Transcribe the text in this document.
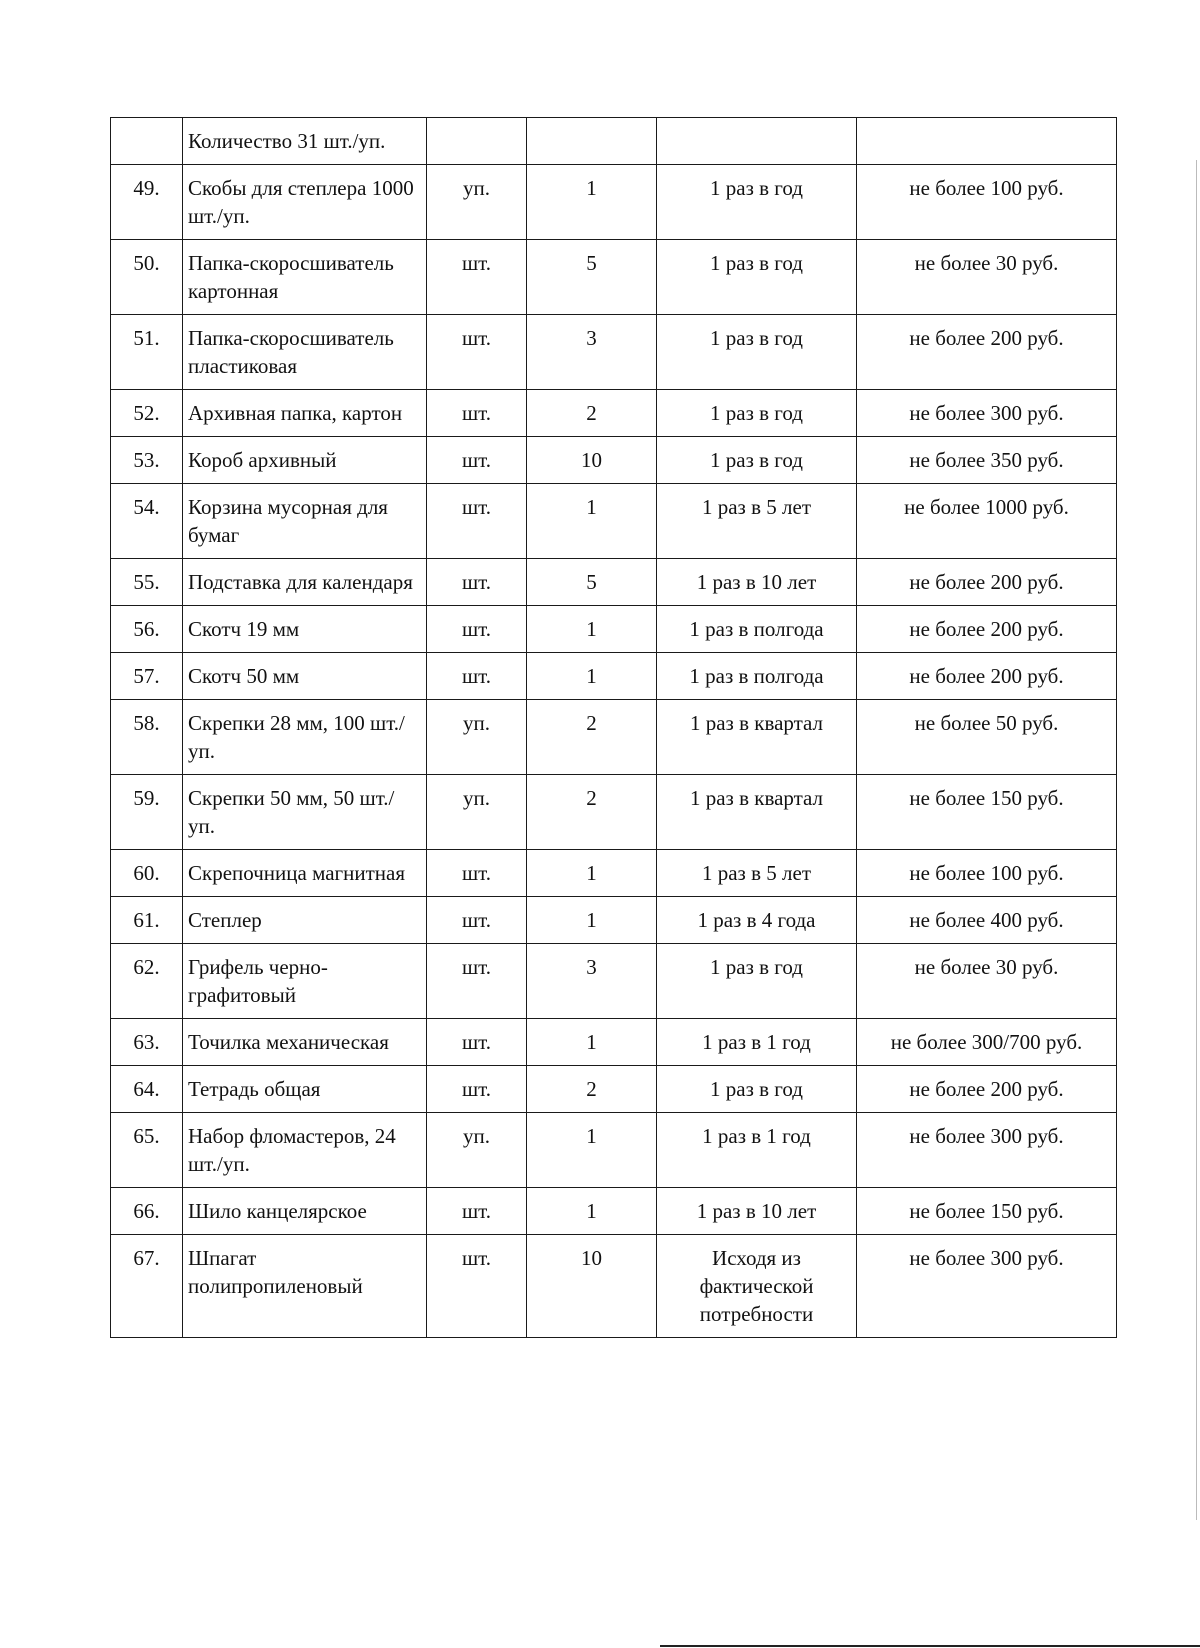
	Количество 31 шт./уп.				
49.	Скобы для степлера 1000 шт./уп.	уп.	1	1 раз в год	не более 100 руб.
50.	Папка-скоросшиватель картонная	шт.	5	1 раз в год	не более 30 руб.
51.	Папка-скоросшиватель пластиковая	шт.	3	1 раз в год	не более 200 руб.
52.	Архивная папка, картон	шт.	2	1 раз в год	не более 300 руб.
53.	Короб архивный	шт.	10	1 раз в год	не более 350 руб.
54.	Корзина мусорная для бумаг	шт.	1	1 раз в 5 лет	не более 1000 руб.
55.	Подставка для календаря	шт.	5	1 раз в 10 лет	не более 200 руб.
56.	Скотч 19 мм	шт.	1	1 раз в полгода	не более 200 руб.
57.	Скотч 50 мм	шт.	1	1 раз в полгода	не более 200 руб.
58.	Скрепки 28 мм, 100 шт./уп.	уп.	2	1 раз в квартал	не более 50 руб.
59.	Скрепки 50 мм, 50 шт./уп.	уп.	2	1 раз в квартал	не более 150 руб.
60.	Скрепочница магнитная	шт.	1	1 раз в 5 лет	не более 100 руб.
61.	Степлер	шт.	1	1 раз в 4 года	не более 400 руб.
62.	Грифель чернографитовый	шт.	3	1 раз в год	не более 30 руб.
63.	Точилка механическая	шт.	1	1 раз в 1 год	не более 300/700 руб.
64.	Тетрадь общая	шт.	2	1 раз в год	не более 200 руб.
65.	Набор фломастеров, 24 шт./уп.	уп.	1	1 раз в 1 год	не более 300 руб.
66.	Шило канцелярское	шт.	1	1 раз в 10 лет	не более 150 руб.
67.	Шпагат полипропиленовый	шт.	10	Исходя из фактической потребности	не более 300 руб.
